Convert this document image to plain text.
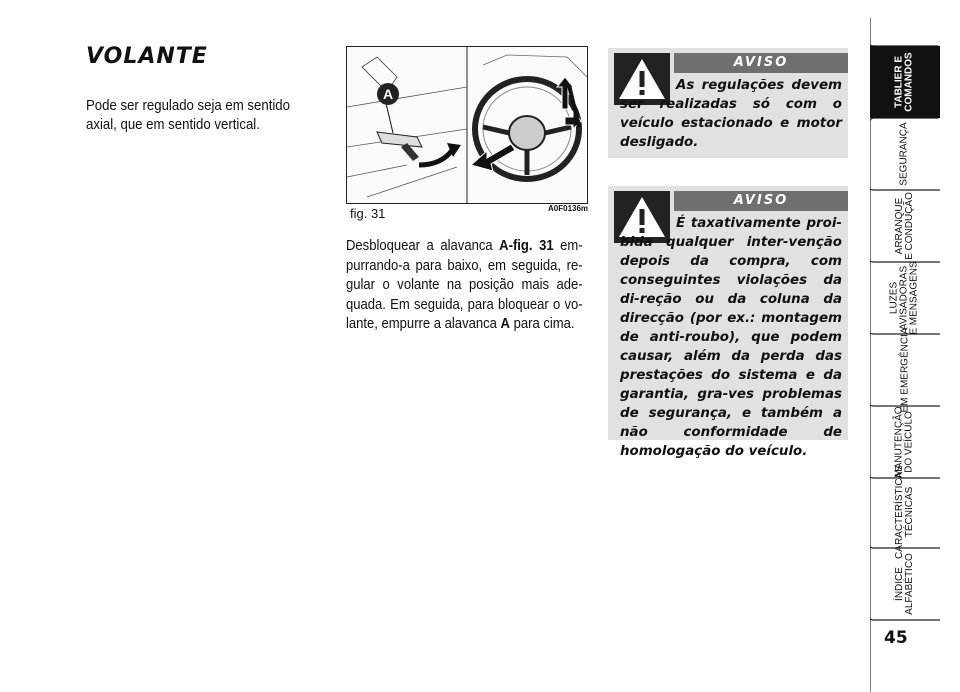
VOLANTE
Pode ser regulado seja em sentido axial, que em sentido vertical.
A
fig. 31	A0F0136m
Desbloquear a alavanca A-fig. 31 em-purrando-a para baixo, em seguida, re-gular o volante na posição mais ade-quada. Em seguida, para bloquear o vo-lante, empurre a alavanca A para cima.
AVISO
As regulações devem ser realizadas só com o veículo estacionado e motor desligado.
AVISO
É taxativamente proi-bida qualquer inter-venção depois da compra, com conseguintes violações da di-reção ou da coluna da direcção (por ex.: montagem de anti-roubo), que podem causar, além da perda das prestações do sistema e da garantia, gra-ves problemas de segurança, e também a não conformidade de homologação do veículo.
TABLIER E
COMANDOS
SEGURANÇA
ARRANQUE
E CONDUÇÃO
LUZES
AVISADORAS
E MENSAGENS
EM EMERGÊNCIA
MANUTENÇÃO
DO VEÍCULO
CARACTERÍSTICAS
TÉCNICAS
ÍNDICE
ALFABÉTICO
45
